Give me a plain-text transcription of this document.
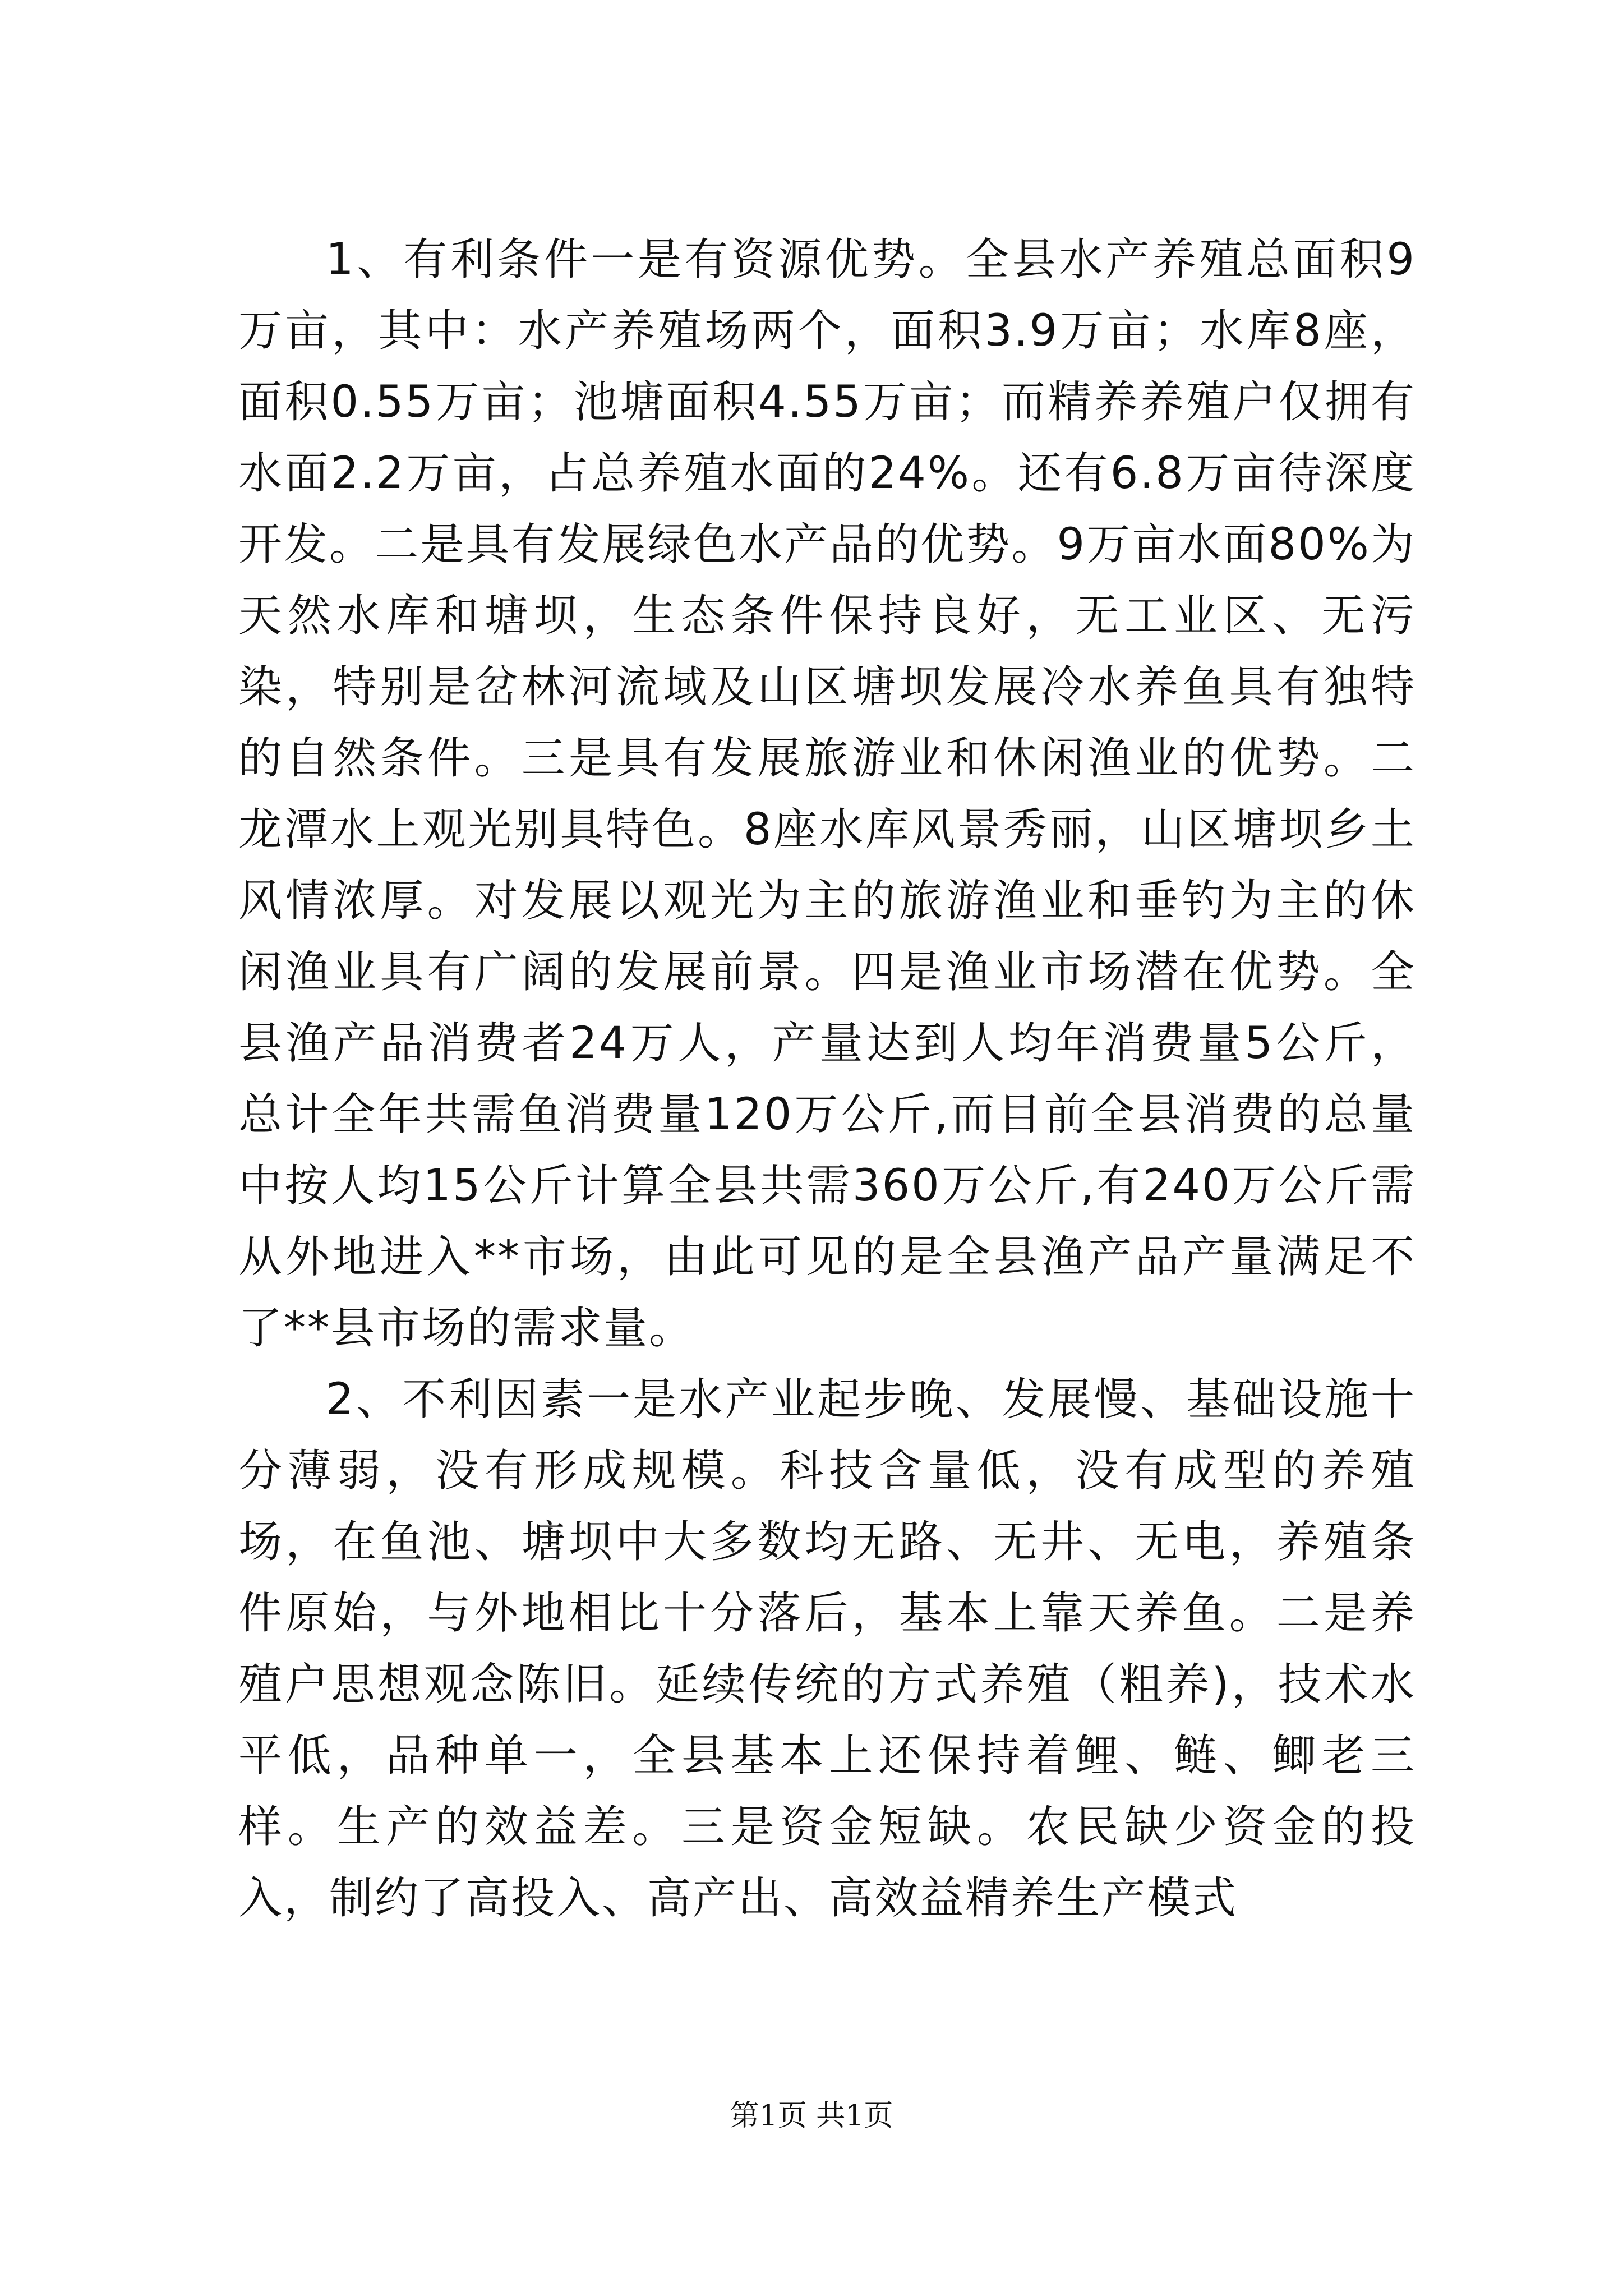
1、有利条件一是有资源优势。全县水产养殖总面积9万亩，其中：水产养殖场两个，面积3.9万亩；水库8座，面积0.55万亩；池塘面积4.55万亩；而精养养殖户仅拥有水面2.2万亩，占总养殖水面的24%。还有6.8万亩待深度开发。二是具有发展绿色水产品的优势。9万亩水面80%为天然水库和塘坝，生态条件保持良好，无工业区、无污染，特别是岔林河流域及山区塘坝发展冷水养鱼具有独特的自然条件。三是具有发展旅游业和休闲渔业的优势。二龙潭水上观光别具特色。8座水库风景秀丽，山区塘坝乡土风情浓厚。对发展以观光为主的旅游渔业和垂钓为主的休闲渔业具有广阔的发展前景。四是渔业市场潜在优势。全县渔产品消费者24万人，产量达到人均年消费量5公斤，总计全年共需鱼消费量120万公斤,而目前全县消费的总量中按人均15公斤计算全县共需360万公斤,有240万公斤需从外地进入**市场，由此可见的是全县渔产品产量满足不了**县市场的需求量。

2、不利因素一是水产业起步晚、发展慢、基础设施十分薄弱，没有形成规模。科技含量低，没有成型的养殖场，在鱼池、塘坝中大多数均无路、无井、无电，养殖条件原始，与外地相比十分落后，基本上靠天养鱼。二是养殖户思想观念陈旧。延续传统的方式养殖（粗养)，技术水平低，品种单一，全县基本上还保持着鲤、鲢、鲫老三样。生产的效益差。三是资金短缺。农民缺少资金的投入，制约了高投入、高产出、高效益精养生产模式

第1页 共1页
